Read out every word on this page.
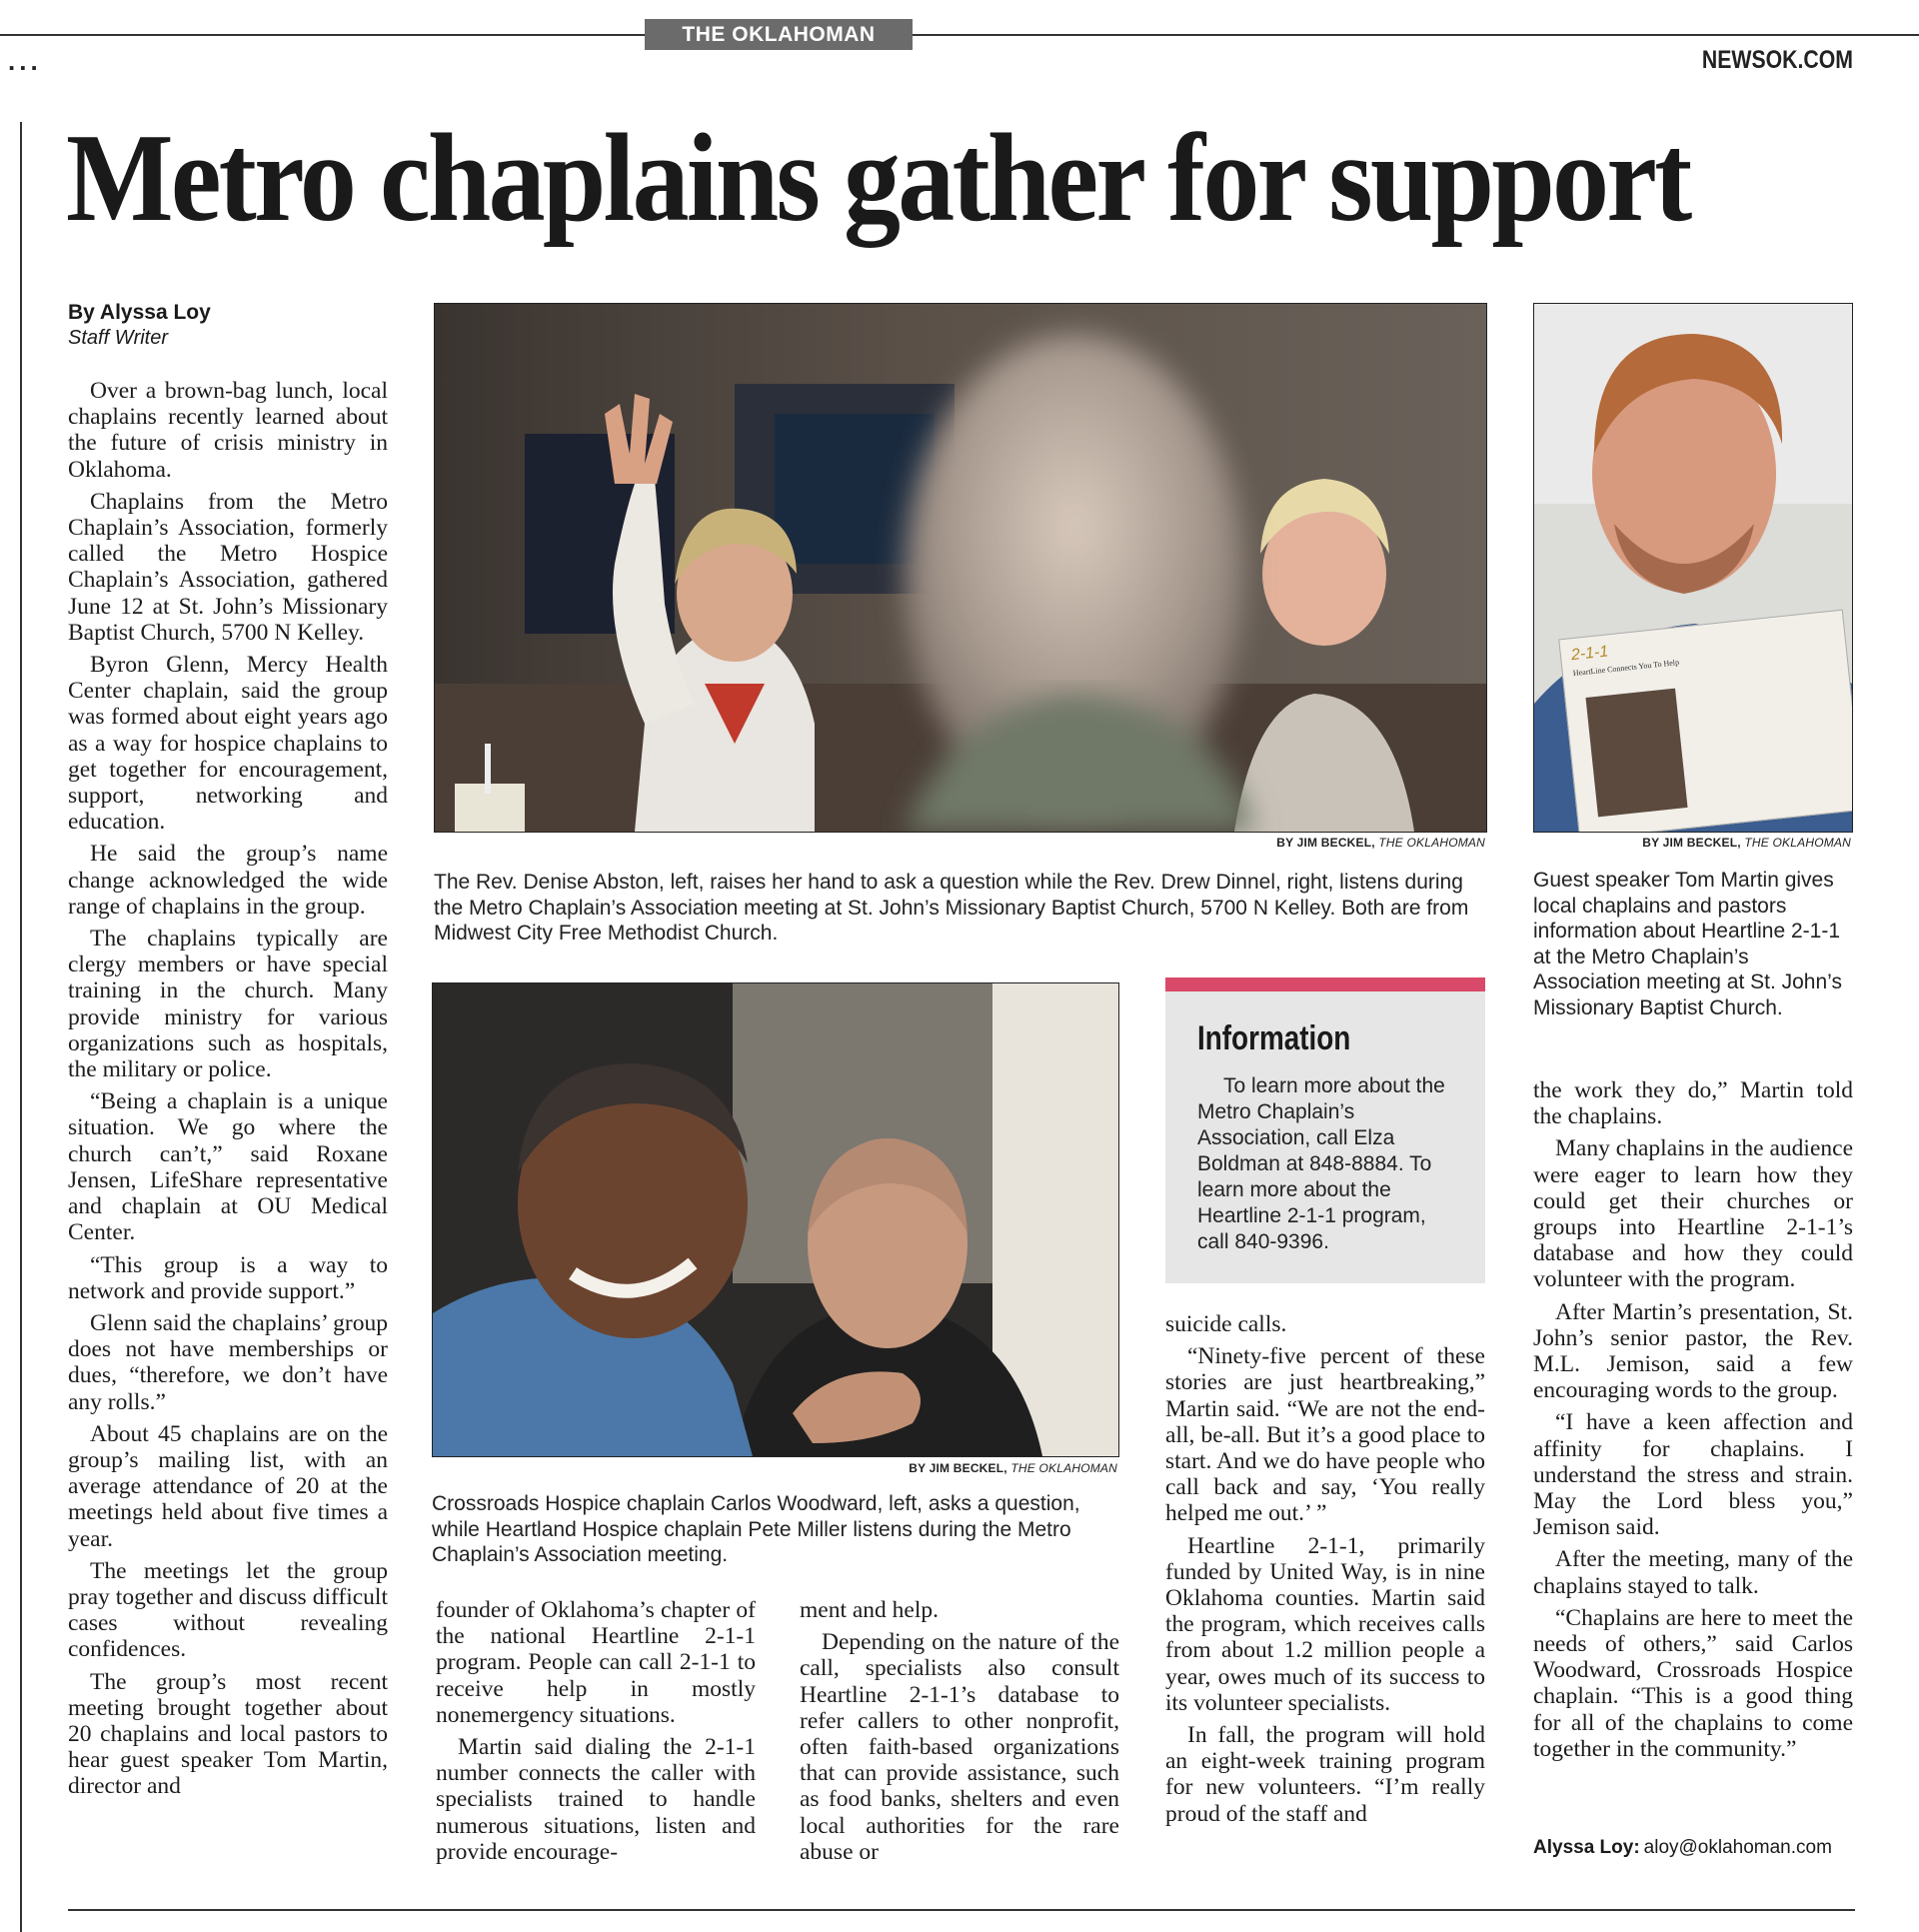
THE OKLAHOMAN
...	NEWSOK.COM
Metro chaplains gather for support
By Alyssa Loy
Staff Writer

Over a brown-bag lunch, local chaplains recently learned about the future of crisis ministry in Oklahoma.

Chaplains from the Metro Chaplain’s Association, formerly called the Metro Hospice Chaplain’s Association, gathered June 12 at St. John’s Missionary Baptist Church, 5700 N Kelley.

Byron Glenn, Mercy Health Center chaplain, said the group was formed about eight years ago as a way for hospice chaplains to get together for encouragement, support, networking and education.

He said the group’s name change acknowledged the wide range of chaplains in the group.

The chaplains typically are clergy members or have special training in the church. Many provide ministry for various organizations such as hospitals, the military or police.

“Being a chaplain is a unique situation. We go where the church can’t,” said Roxane Jensen, LifeShare representative and chaplain at OU Medical Center.

“This group is a way to network and provide support.”

Glenn said the chaplains’ group does not have memberships or dues, “therefore, we don’t have any rolls.”

About 45 chaplains are on the group’s mailing list, with an average attendance of 20 at the meetings held about five times a year.

The meetings let the group pray together and discuss difficult cases without revealing confidences.

The group’s most recent meeting brought together about 20 chaplains and local pastors to hear guest speaker Tom Martin, director and

BY JIM BECKEL, THE OKLAHOMAN
The Rev. Denise Abston, left, raises her hand to ask a question while the Rev. Drew Dinnel, right, listens during the Metro Chaplain’s Association meeting at St. John’s Missionary Baptist Church, 5700 N Kelley. Both are from Midwest City Free Methodist Church.
2-1-1
HeartLine Connects You To Help
BY JIM BECKEL, THE OKLAHOMAN
Guest speaker Tom Martin gives local chaplains and pastors information about Heartline 2-1-1 at the Metro Chaplain’s Association meeting at St. John’s Missionary Baptist Church.
BY JIM BECKEL, THE OKLAHOMAN
Crossroads Hospice chaplain Carlos Woodward, left, asks a question, while Heartland Hospice chaplain Pete Miller listens during the Metro Chaplain’s Association meeting.
Information
To learn more about the Metro Chaplain’s Association, call Elza Boldman at 848-8884. To learn more about the Heartline 2-1-1 program, call 840-9396.

founder of Oklahoma’s chapter of the national Heartline 2-1-1 program. People can call 2-1-1 to receive help in mostly nonemergency situations.

Martin said dialing the 2-1-1 number connects the caller with specialists trained to handle numerous situations, listen and provide encourage-

ment and help.

Depending on the nature of the call, specialists also consult Heartline 2-1-1’s database to refer callers to other nonprofit, often faith-based organizations that can provide assistance, such as food banks, shelters and even local authorities for the rare abuse or

suicide calls.

“Ninety-five percent of these stories are just heartbreaking,” Martin said. “We are not the end-all, be-all. But it’s a good place to start. And we do have people who call back and say, ‘You really helped me out.’ ”

Heartline 2-1-1, primarily funded by United Way, is in nine Oklahoma counties. Martin said the program, which receives calls from about 1.2 million people a year, owes much of its success to its volunteer specialists.

In fall, the program will hold an eight-week training program for new volunteers. “I’m really proud of the staff and

the work they do,” Martin told the chaplains.

Many chaplains in the audience were eager to learn how they could get their churches or groups into Heartline 2-1-1’s database and how they could volunteer with the program.

After Martin’s presentation, St. John’s senior pastor, the Rev. M.L. Jemison, said a few encouraging words to the group.

“I have a keen affection and affinity for chaplains. I understand the stress and strain. May the Lord bless you,” Jemison said.

After the meeting, many of the chaplains stayed to talk.

“Chaplains are here to meet the needs of others,” said Carlos Woodward, Crossroads Hospice chaplain. “This is a good thing for all of the chaplains to come together in the community.”

Alyssa Loy: aloy@oklahoman.com
